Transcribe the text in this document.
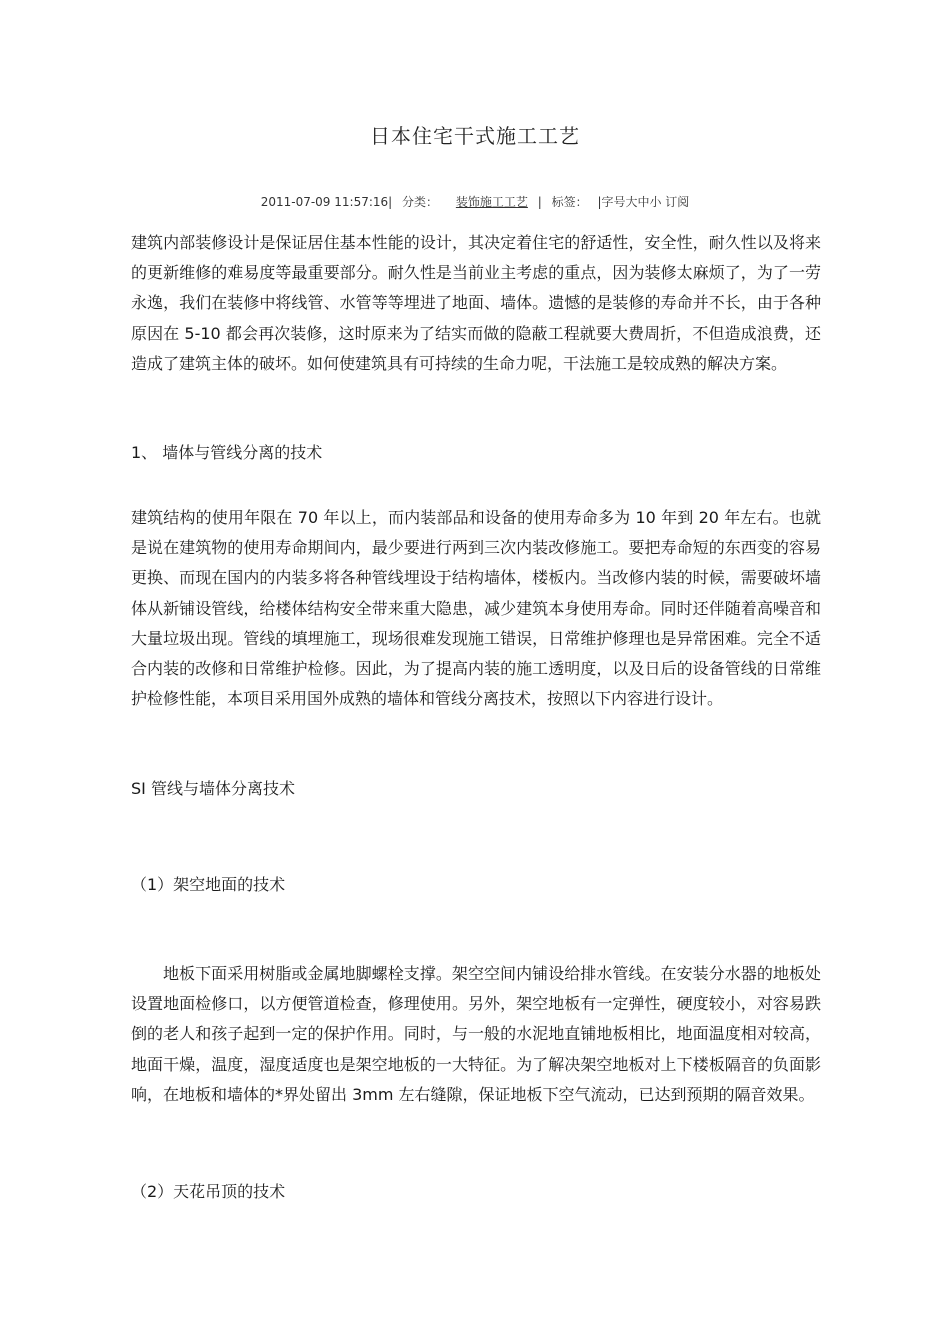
日本住宅干式施工工艺
2011-07-09 11:57:16| 分类： 装饰施工工艺 | 标签： |字号大中小 订阅

建筑内部装修设计是保证居住基本性能的设计，其决定着住宅的舒适性，安全性，耐久性以及将来的更新维修的难易度等最重要部分。耐久性是当前业主考虑的重点，因为装修太麻烦了，为了一劳永逸，我们在装修中将线管、水管等等埋进了地面、墙体。遗憾的是装修的寿命并不长，由于各种原因在 5-10 都会再次装修，这时原来为了结实而做的隐蔽工程就要大费周折，不但造成浪费，还造成了建筑主体的破坏。如何使建筑具有可持续的生命力呢，干法施工是较成熟的解决方案。

1、 墙体与管线分离的技术

建筑结构的使用年限在 70 年以上，而内装部品和设备的使用寿命多为 10 年到 20 年左右。也就是说在建筑物的使用寿命期间内，最少要进行两到三次内装改修施工。要把寿命短的东西变的容易更换、而现在国内的内装多将各种管线埋设于结构墙体，楼板内。当改修内装的时候，需要破坏墙体从新铺设管线，给楼体结构安全带来重大隐患，减少建筑本身使用寿命。同时还伴随着高噪音和大量垃圾出现。管线的填埋施工，现场很难发现施工错误，日常维护修理也是异常困难。完全不适合内装的改修和日常维护检修。因此，为了提高内装的施工透明度，以及日后的设备管线的日常维护检修性能，本项目采用国外成熟的墙体和管线分离技术，按照以下内容进行设计。

SI 管线与墙体分离技术

（1）架空地面的技术

地板下面采用树脂或金属地脚螺栓支撑。架空空间内铺设给排水管线。在安装分水器的地板处设置地面检修口，以方便管道检查，修理使用。另外，架空地板有一定弹性，硬度较小，对容易跌倒的老人和孩子起到一定的保护作用。同时，与一般的水泥地直铺地板相比，地面温度相对较高，地面干燥，温度，湿度适度也是架空地板的一大特征。为了解决架空地板对上下楼板隔音的负面影响，在地板和墙体的*界处留出 3mm 左右缝隙，保证地板下空气流动，已达到预期的隔音效果。

（2）天花吊顶的技术
